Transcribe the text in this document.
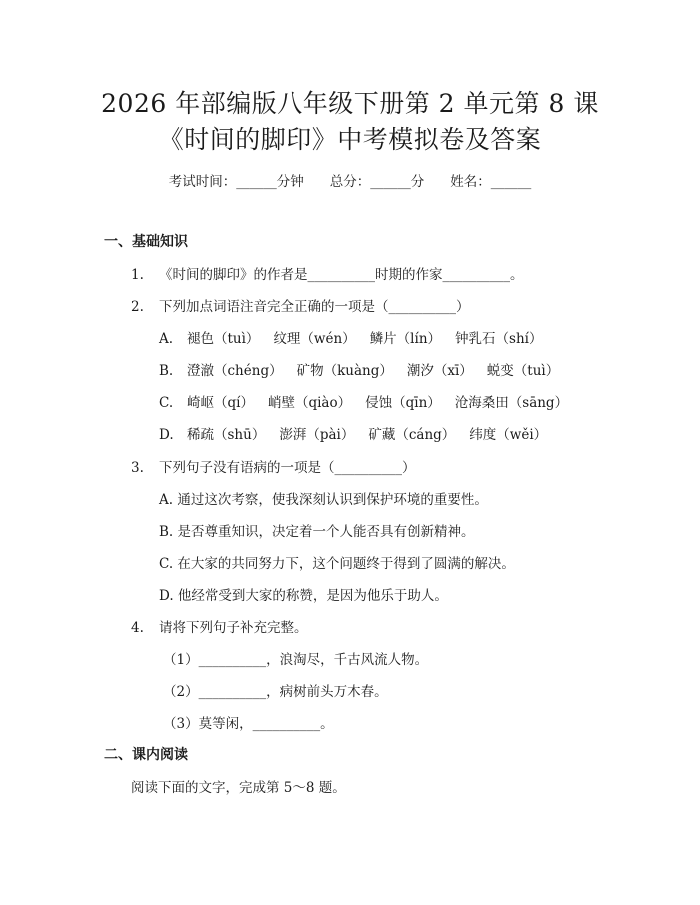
2026 年部编版八年级下册第 2 单元第 8 课
《时间的脚印》中考模拟卷及答案
考试时间：______分钟 总分：______分 姓名：______
一、基础知识
1. 《时间的脚印》的作者是__________时期的作家__________。
2. 下列加点词语注音完全正确的一项是（__________）
A. 褪色（tuì） 纹理（wén） 鳞片（lín） 钟乳石（shí）
B. 澄澈（chéng） 矿物（kuàng） 潮汐（xī） 蜕变（tuì）
C. 崎岖（qí） 峭壁（qiào） 侵蚀（qīn） 沧海桑田（sāng）
D. 稀疏（shū） 澎湃（pài） 矿藏（cáng） 纬度（wěi）
3. 下列句子没有语病的一项是（__________）
A. 通过这次考察，使我深刻认识到保护环境的重要性。
B. 是否尊重知识，决定着一个人能否具有创新精神。
C. 在大家的共同努力下，这个问题终于得到了圆满的解决。
D. 他经常受到大家的称赞，是因为他乐于助人。
4. 请将下列句子补充完整。
（1）__________，浪淘尽，千古风流人物。
（2）__________，病树前头万木春。
（3）莫等闲，__________。
二、课内阅读
阅读下面的文字，完成第 5～8 题。
